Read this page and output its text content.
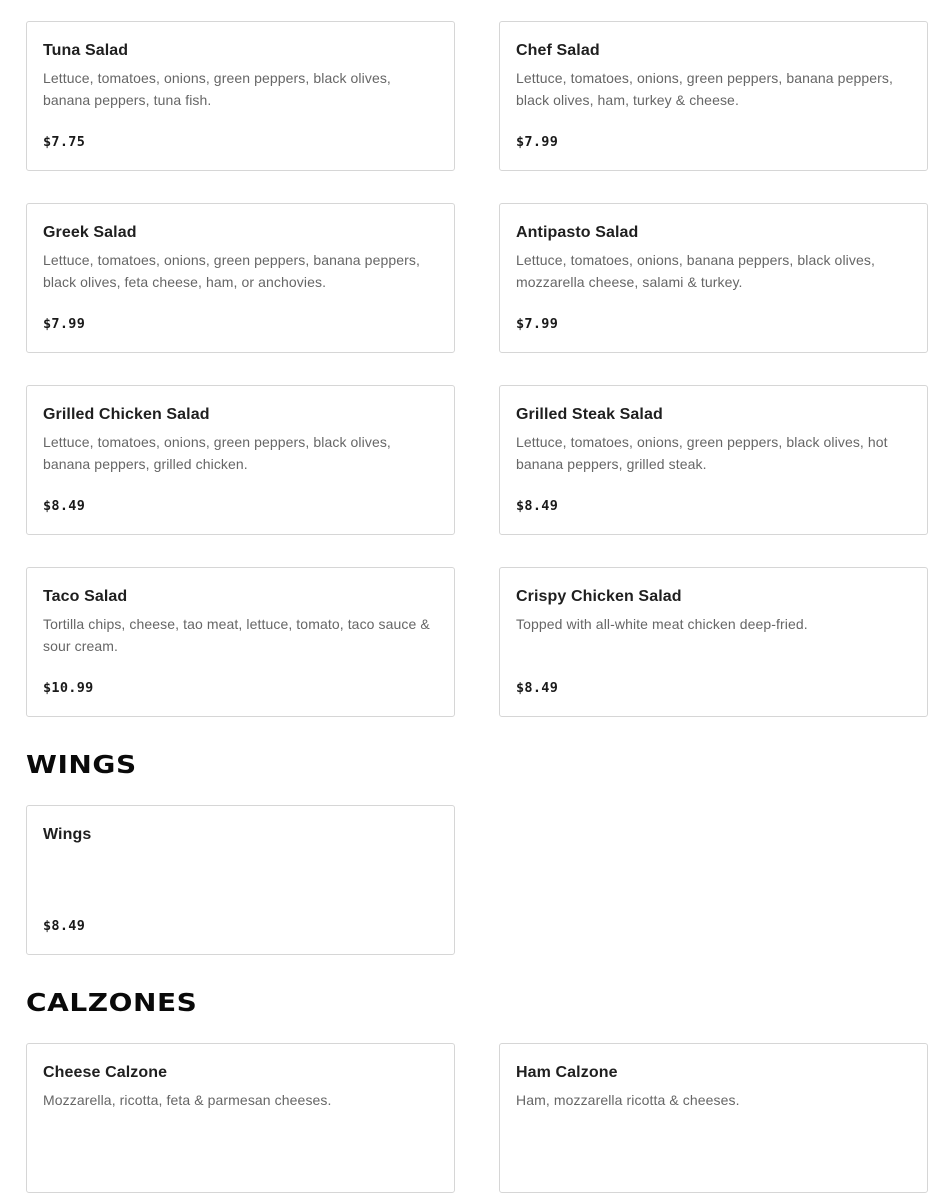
Tuna Salad
Lettuce, tomatoes, onions, green peppers, black olives, banana peppers, tuna fish.
$7.75
Chef Salad
Lettuce, tomatoes, onions, green peppers, banana peppers, black olives, ham, turkey & cheese.
$7.99
Greek Salad
Lettuce, tomatoes, onions, green peppers, banana peppers, black olives, feta cheese, ham, or anchovies.
$7.99
Antipasto Salad
Lettuce, tomatoes, onions, banana peppers, black olives, mozzarella cheese, salami & turkey.
$7.99
Grilled Chicken Salad
Lettuce, tomatoes, onions, green peppers, black olives, banana peppers, grilled chicken.
$8.49
Grilled Steak Salad
Lettuce, tomatoes, onions, green peppers, black olives, hot banana peppers, grilled steak.
$8.49
Taco Salad
Tortilla chips, cheese, tao meat, lettuce, tomato, taco sauce & sour cream.
$10.99
Crispy Chicken Salad
Topped with all-white meat chicken deep-fried.
$8.49
WINGS
Wings
$8.49
CALZONES
Cheese Calzone
Mozzarella, ricotta, feta & parmesan cheeses.
Ham Calzone
Ham, mozzarella ricotta & cheeses.
